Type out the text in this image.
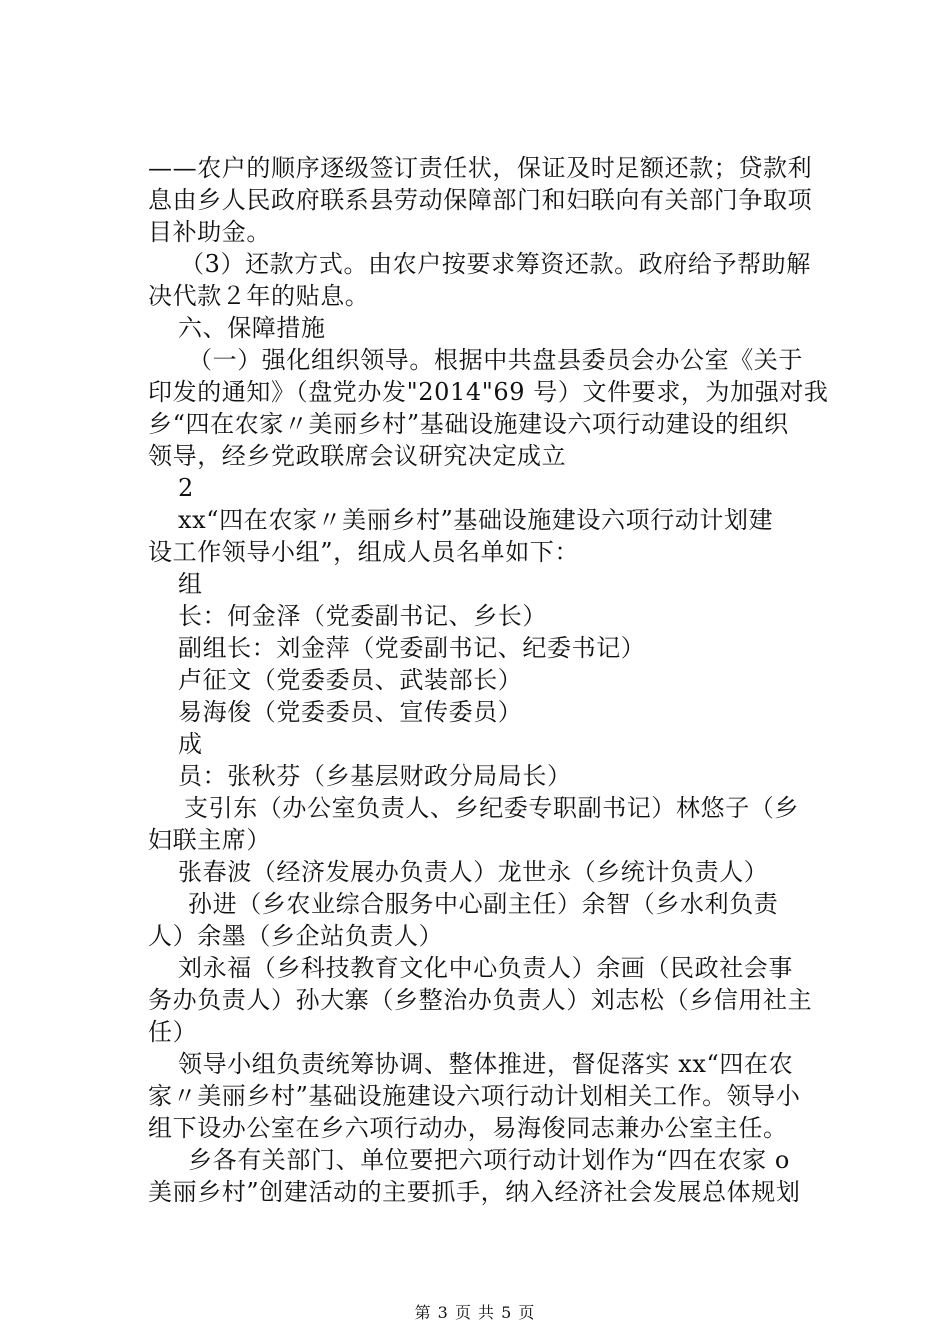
——农户的顺序逐级签订责任状，保证及时足额还款；贷款利
息由乡人民政府联系县劳动保障部门和妇联向有关部门争取项
目补助金。
（3）还款方式。由农户按要求筹资还款。政府给予帮助解
决代款２年的贴息。
六、保障措施
（一）强化组织领导。根据中共盘县委员会办公室《关于
印发的通知》（盘党办发"2014"69 号）文件要求，为加强对我
乡“四在农家〃美丽乡村”基础设施建设六项行动建设的组织
领导，经乡党政联席会议研究决定成立
2
xx“四在农家〃美丽乡村”基础设施建设六项行动计划建
设工作领导小组”，组成人员名单如下：
组
长：何金泽（党委副书记、乡长）
副组长：刘金萍（党委副书记、纪委书记）
卢征文（党委委员、武装部长）
易海俊（党委委员、宣传委员）
成
员：张秋芬（乡基层财政分局局长）
支引东（办公室负责人、乡纪委专职副书记）林悠子（乡
妇联主席）
张春波（经济发展办负责人）龙世永（乡统计负责人）
孙进（乡农业综合服务中心副主任）余智（乡水利负责
人）余墨（乡企站负责人）
刘永福（乡科技教育文化中心负责人）余画（民政社会事
务办负责人）孙大寨（乡整治办负责人）刘志松（乡信用社主
任）
领导小组负责统筹协调、整体推进，督促落实 xx“四在农
家〃美丽乡村”基础设施建设六项行动计划相关工作。领导小
组下设办公室在乡六项行动办，易海俊同志兼办公室主任。
乡各有关部门、单位要把六项行动计划作为“四在农家 o
美丽乡村”创建活动的主要抓手，纳入经济社会发展总体规划
第 3 页 共 5 页
